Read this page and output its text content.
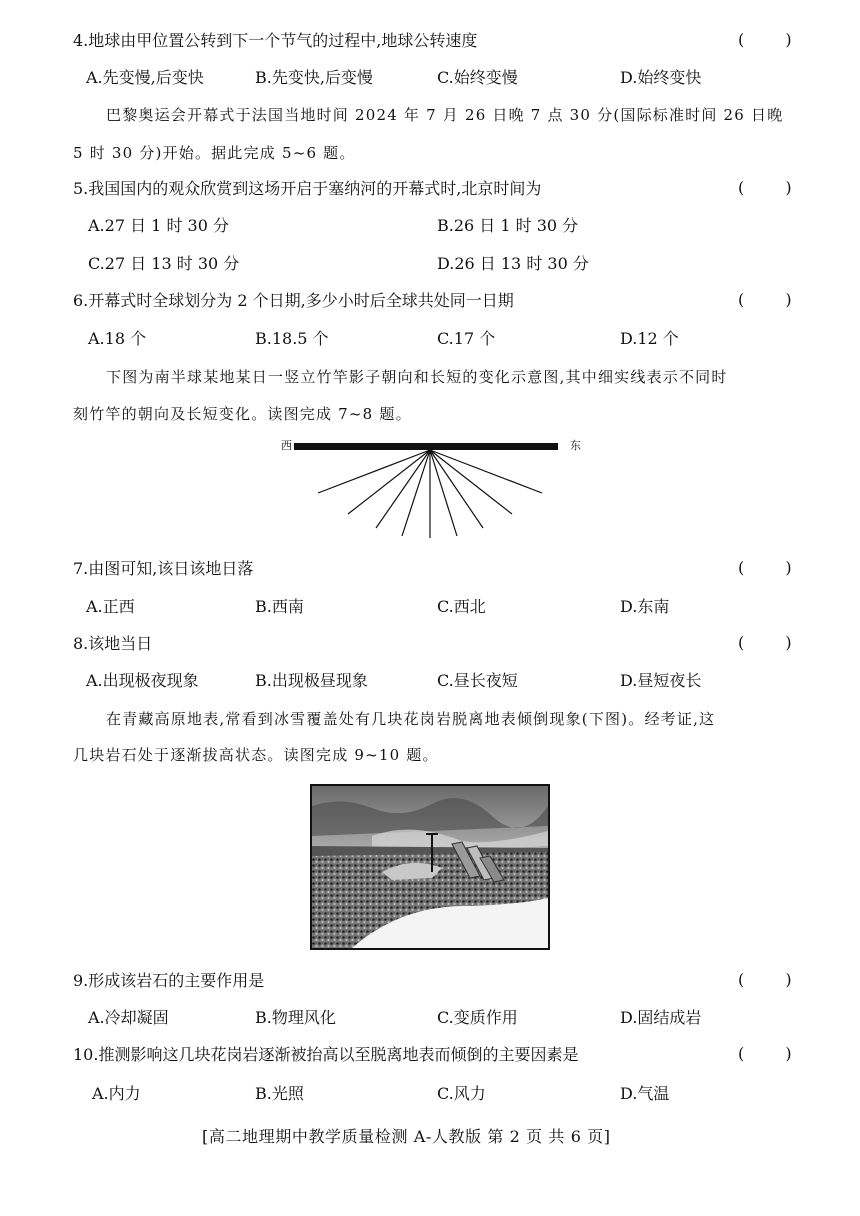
4.地球由甲位置公转到下一个节气的过程中,地球公转速度	( )
A.先变慢,后变快	B.先变快,后变慢	C.始终变慢	D.始终变快
巴黎奥运会开幕式于法国当地时间 2024 年 7 月 26 日晚 7 点 30 分(国际标准时间 26 日晚
5 时 30 分)开始。据此完成 5~6 题。
5.我国国内的观众欣赏到这场开启于塞纳河的开幕式时,北京时间为	( )
A.27 日 1 时 30 分	B.26 日 1 时 30 分
C.27 日 13 时 30 分	D.26 日 13 时 30 分
6.开幕式时全球划分为 2 个日期,多少小时后全球共处同一日期	( )
A.18 个	B.18.5 个	C.17 个	D.12 个
下图为南半球某地某日一竖立竹竿影子朝向和长短的变化示意图,其中细实线表示不同时
刻竹竿的朝向及长短变化。读图完成 7~8 题。
西	东
7.由图可知,该日该地日落	( )
A.正西	B.西南	C.西北	D.东南
8.该地当日	( )
A.出现极夜现象	B.出现极昼现象	C.昼长夜短	D.昼短夜长
在青藏高原地表,常看到冰雪覆盖处有几块花岗岩脱离地表倾倒现象(下图)。经考证,这
几块岩石处于逐渐拔高状态。读图完成 9~10 题。
9.形成该岩石的主要作用是	( )
A.冷却凝固	B.物理风化	C.变质作用	D.固结成岩
10.推测影响这几块花岗岩逐渐被抬高以至脱离地表而倾倒的主要因素是	( )
A.内力	B.光照	C.风力	D.气温
[高二地理期中教学质量检测 A-人教版 第 2 页 共 6 页]
